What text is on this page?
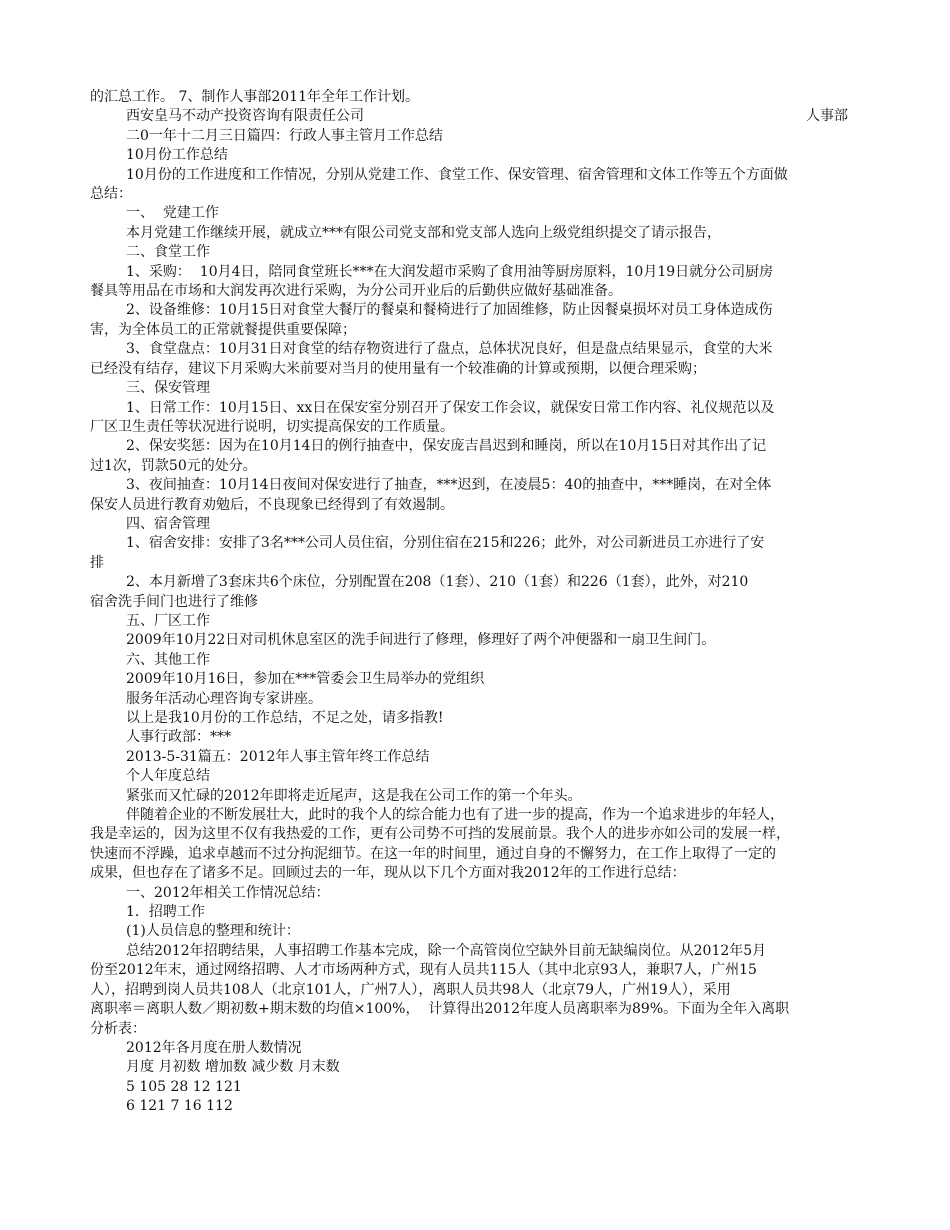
的汇总工作。 7、制作人事部2011年全年工作计划。
西安皇马不动产投资咨询有限责任公司	人事部
二0一年十二月三日篇四：行政人事主管月工作总结
10月份工作总结
10月份的工作进度和工作情况，分别从党建工作、食堂工作、保安管理、宿舍管理和文体工作等五个方面做
总结：
一、  党建工作
本月党建工作继续开展，就成立***有限公司党支部和党支部人选向上级党组织提交了请示报告，
二、食堂工作
1、采购：  10月4日，陪同食堂班长***在大润发超市采购了食用油等厨房原料，10月19日就分公司厨房
餐具等用品在市场和大润发再次进行采购，为分公司开业后的后勤供应做好基础准备。
2、设备维修：10月15日对食堂大餐厅的餐桌和餐椅进行了加固维修，防止因餐桌损坏对员工身体造成伤
害，为全体员工的正常就餐提供重要保障；
3、食堂盘点：10月31日对食堂的结存物资进行了盘点，总体状况良好，但是盘点结果显示，食堂的大米
已经没有结存，建议下月采购大米前要对当月的使用量有一个较准确的计算或预期，以便合理采购；
三、保安管理
1、日常工作：10月15日、xx日在保安室分别召开了保安工作会议，就保安日常工作内容、礼仪规范以及
厂区卫生责任等状况进行说明，切实提高保安的工作质量。
2、保安奖惩：因为在10月14日的例行抽查中，保安庞吉昌迟到和睡岗，所以在10月15日对其作出了记
过1次，罚款50元的处分。
3、夜间抽查：10月14日夜间对保安进行了抽查，***迟到，在凌晨5：40的抽查中，***睡岗，在对全体
保安人员进行教育劝勉后，不良现象已经得到了有效遏制。
四、宿舍管理
1、宿舍安排：安排了3名***公司人员住宿，分别住宿在215和226；此外，对公司新进员工亦进行了安
排
2、本月新增了3套床共6个床位，分别配置在208（1套）、210（1套）和226（1套），此外，对210
宿舍洗手间门也进行了维修
五、厂区工作
2009年10月22日对司机休息室区的洗手间进行了修理，修理好了两个冲便器和一扇卫生间门。
六、其他工作
2009年10月16日，参加在***管委会卫生局举办的党组织
服务年活动心理咨询专家讲座。
以上是我10月份的工作总结，不足之处，请多指教!
人事行政部：***
2013-5-31篇五：2012年人事主管年终工作总结
个人年度总结
紧张而又忙碌的2012年即将走近尾声，这是我在公司工作的第一个年头。
伴随着企业的不断发展壮大，此时的我个人的综合能力也有了进一步的提高，作为一个追求进步的年轻人，
我是幸运的，因为这里不仅有我热爱的工作，更有公司势不可挡的发展前景。我个人的进步亦如公司的发展一样，
快速而不浮躁，追求卓越而不过分拘泥细节。在这一年的时间里，通过自身的不懈努力，在工作上取得了一定的
成果，但也存在了诸多不足。回顾过去的一年，现从以下几个方面对我2012年的工作进行总结：
一、2012年相关工作情况总结：
1．招聘工作
(1)人员信息的整理和统计：
总结2012年招聘结果，人事招聘工作基本完成，除一个高管岗位空缺外目前无缺编岗位。从2012年5月
份至2012年末，通过网络招聘、人才市场两种方式，现有人员共115人（其中北京93人，兼职7人，广州15
人），招聘到岗人员共108人（北京101人，广州7人），离职人员共98人（北京79人，广州19人），采用
离职率＝离职人数／期初数+期末数的均值×100%，  计算得出2012年度人员离职率为89%。下面为全年入离职
分析表：
2012年各月度在册人数情况
月度 月初数 增加数 减少数 月末数
5 105 28 12 121
6 121 7 16 112
